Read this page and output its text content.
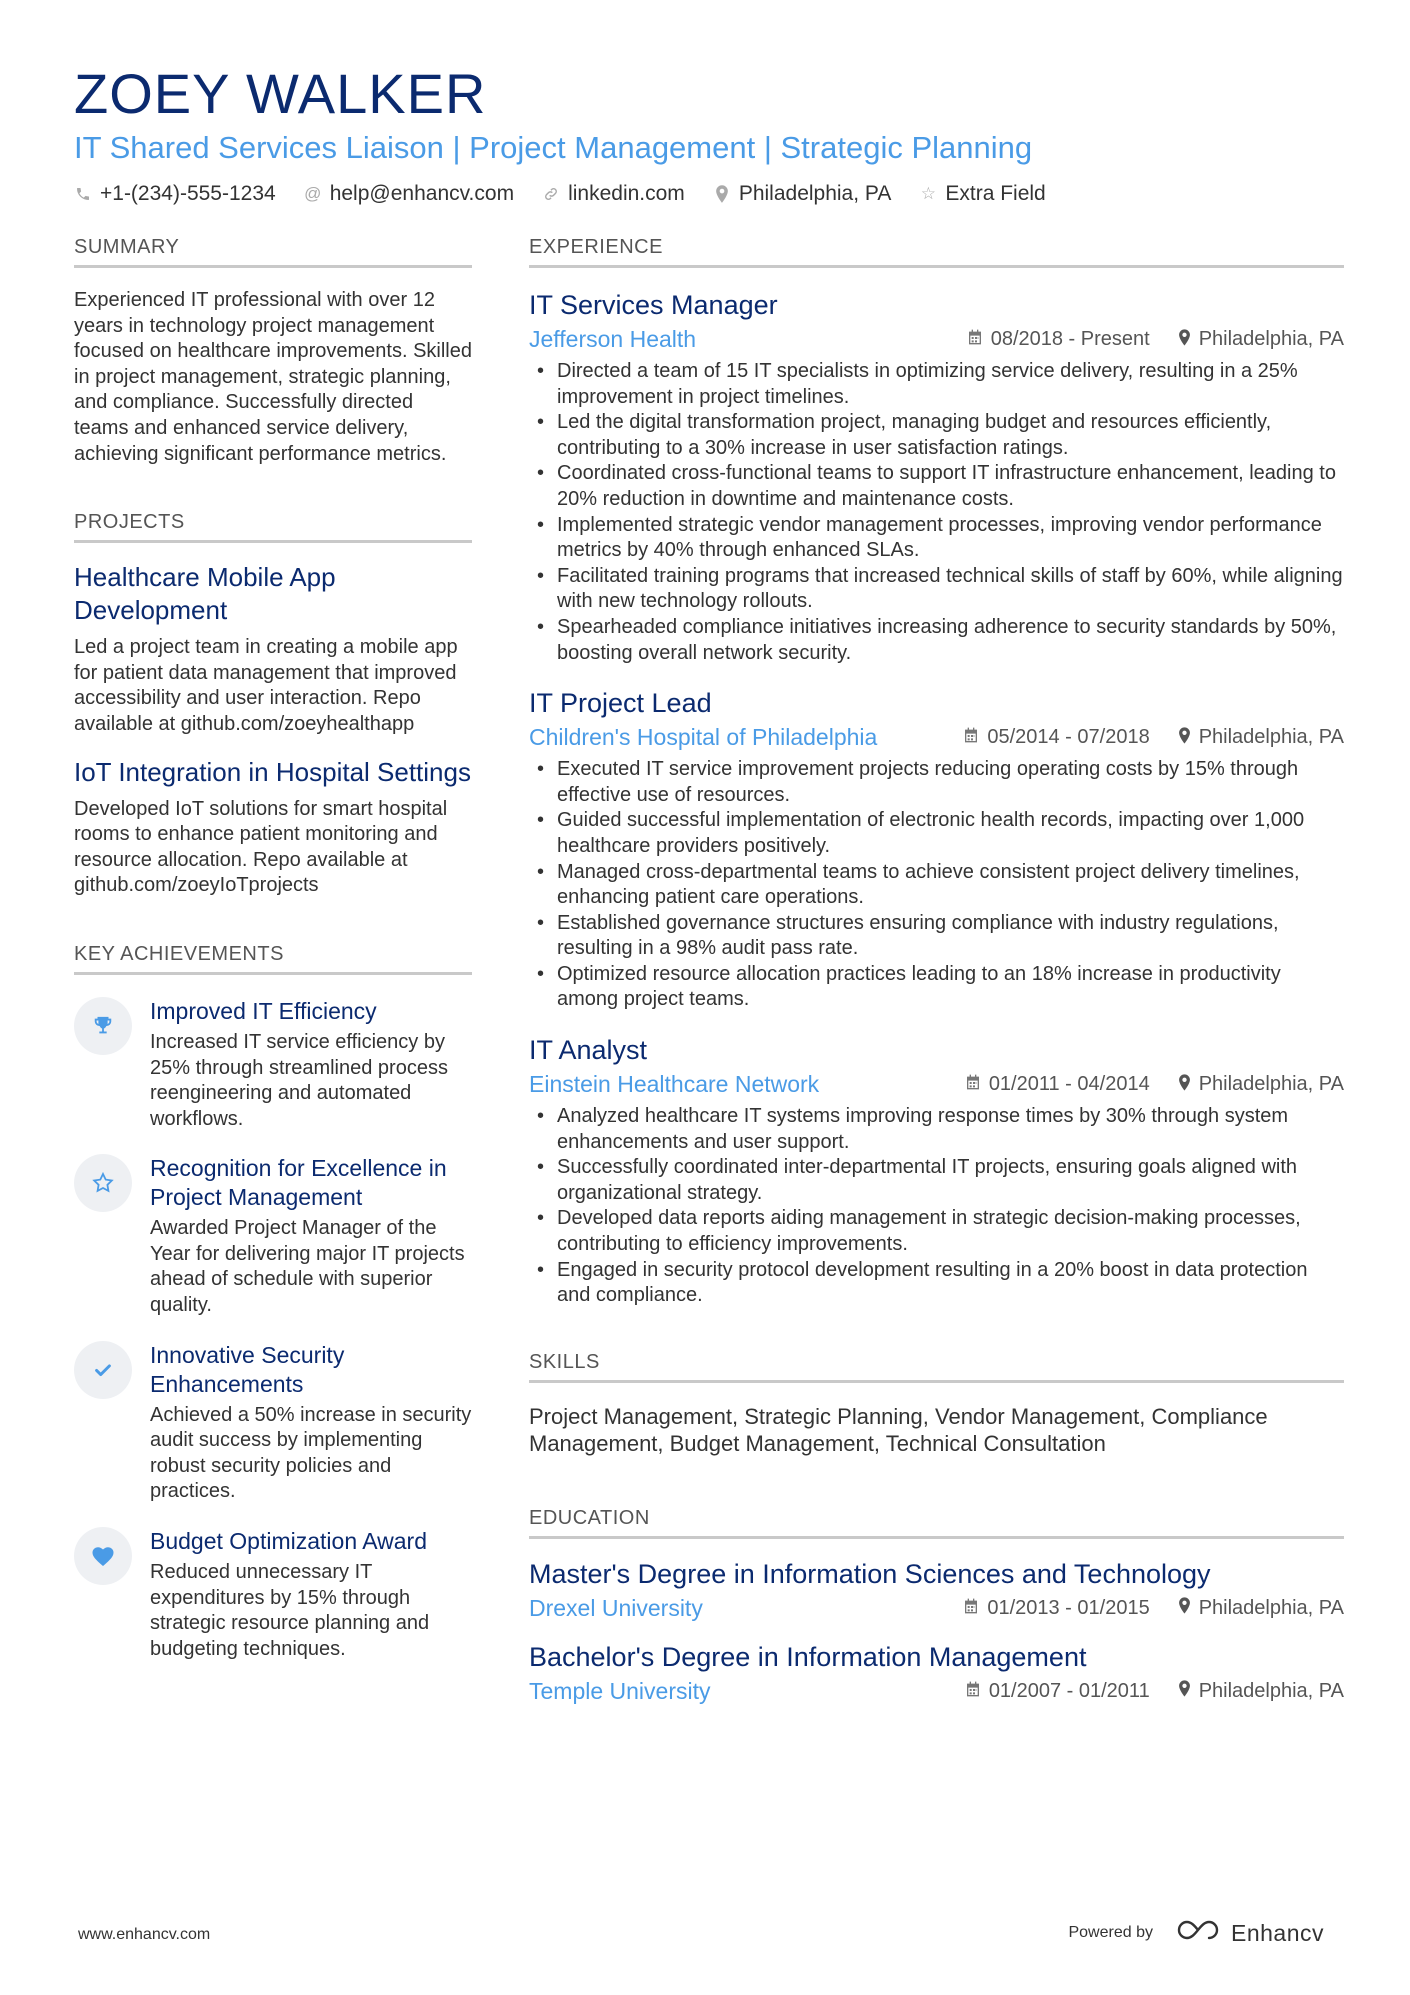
ZOEY WALKER
IT Shared Services Liaison | Project Management | Strategic Planning
+1-(234)-555-1234 @ help@enhancv.com	linkedin.com	Philadelphia, PA ☆ Extra Field
SUMMARY
Experienced IT professional with over 12 years in technology project management focused on healthcare improvements. Skilled in project management, strategic planning, and compliance. Successfully directed teams and enhanced service delivery, achieving significant performance metrics.
PROJECTS
Healthcare Mobile App Development
Led a project team in creating a mobile app for patient data management that improved accessibility and user interaction. Repo available at github.com/zoeyhealthapp
IoT Integration in Hospital Settings
Developed IoT solutions for smart hospital rooms to enhance patient monitoring and resource allocation. Repo available at github.com/zoeyIoTprojects
KEY ACHIEVEMENTS
Improved IT Efficiency
Increased IT service efficiency by 25% through streamlined process reengineering and automated workflows.
Recognition for Excellence in Project Management
Awarded Project Manager of the Year for delivering major IT projects ahead of schedule with superior quality.
Innovative Security Enhancements
Achieved a 50% increase in security audit success by implementing robust security policies and practices.
Budget Optimization Award
Reduced unnecessary IT expenditures by 15% through strategic resource planning and budgeting techniques.
EXPERIENCE
IT Services Manager
Jefferson Health	08/2018 - Present Philadelphia, PA
• Directed a team of 15 IT specialists in optimizing service delivery, resulting in a 25% improvement in project timelines.
• Led the digital transformation project, managing budget and resources efficiently, contributing to a 30% increase in user satisfaction ratings.
• Coordinated cross-functional teams to support IT infrastructure enhancement, leading to 20% reduction in downtime and maintenance costs.
• Implemented strategic vendor management processes, improving vendor performance metrics by 40% through enhanced SLAs.
• Facilitated training programs that increased technical skills of staff by 60%, while aligning with new technology rollouts.
• Spearheaded compliance initiatives increasing adherence to security standards by 50%, boosting overall network security.
IT Project Lead
Children's Hospital of Philadelphia	05/2014 - 07/2018 Philadelphia, PA
• Executed IT service improvement projects reducing operating costs by 15% through effective use of resources.
• Guided successful implementation of electronic health records, impacting over 1,000 healthcare providers positively.
• Managed cross-departmental teams to achieve consistent project delivery timelines, enhancing patient care operations.
• Established governance structures ensuring compliance with industry regulations, resulting in a 98% audit pass rate.
• Optimized resource allocation practices leading to an 18% increase in productivity among project teams.
IT Analyst
Einstein Healthcare Network	01/2011 - 04/2014 Philadelphia, PA
• Analyzed healthcare IT systems improving response times by 30% through system enhancements and user support.
• Successfully coordinated inter-departmental IT projects, ensuring goals aligned with organizational strategy.
• Developed data reports aiding management in strategic decision-making processes, contributing to efficiency improvements.
• Engaged in security protocol development resulting in a 20% boost in data protection and compliance.
SKILLS
Project Management, Strategic Planning, Vendor Management, Compliance Management, Budget Management, Technical Consultation
EDUCATION
Master's Degree in Information Sciences and Technology
Drexel University	01/2013 - 01/2015 Philadelphia, PA
Bachelor's Degree in Information Management
Temple University	01/2007 - 01/2011 Philadelphia, PA
www.enhancv.com	Powered by	Enhancv
